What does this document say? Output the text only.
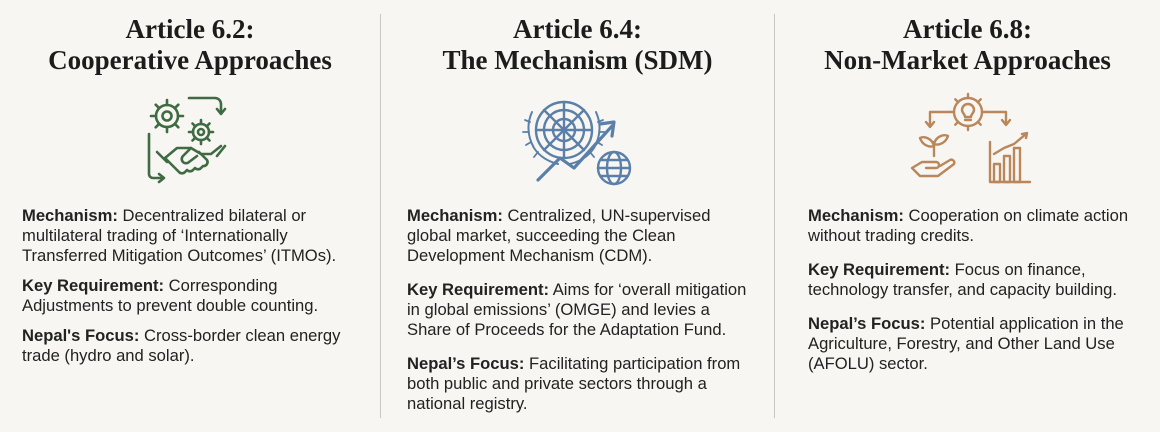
Article 6.2:
Cooperative Approaches

Mechanism: Decentralized bilateral or multilateral trading of ‘Internationally Transferred Mitigation Outcomes’ (ITMOs).

Key Requirement: Corresponding Adjustments to prevent double counting.

Nepal's Focus: Cross-border clean energy trade (hydro and solar).

Article 6.4:
The Mechanism (SDM)

Mechanism: Centralized, UN-supervised global market, succeeding the Clean Development Mechanism (CDM).

Key Requirement: Aims for ‘overall mitigation in global emissions’ (OMGE) and levies a Share of Proceeds for the Adaptation Fund.

Nepal’s Focus: Facilitating participation from both public and private sectors through a national registry.

Article 6.8:
Non-Market Approaches

Mechanism: Cooperation on climate action without trading credits.

Key Requirement: Focus on finance, technology transfer, and capacity building.

Nepal’s Focus: Potential application in the Agriculture, Forestry, and Other Land Use (AFOLU) sector.
